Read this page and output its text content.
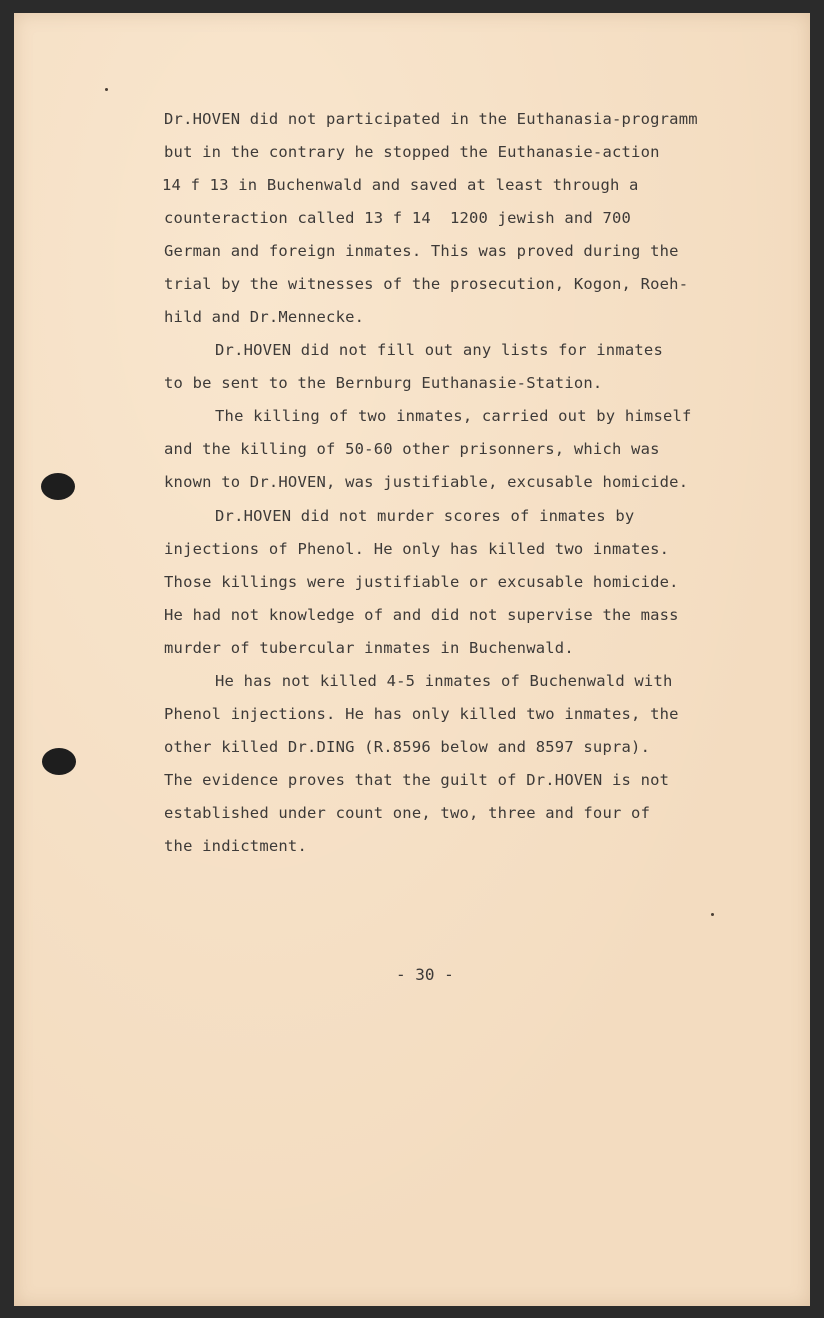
Dr.HOVEN did not participated in the Euthanasia-programm
but in the contrary he stopped the Euthanasie-action
14 f 13 in Buchenwald and saved at least through a
counteraction called 13 f 14  1200 jewish and 700
German and foreign inmates. This was proved during the
trial by the witnesses of the prosecution, Kogon, Roeh-
hild and Dr.Mennecke.
Dr.HOVEN did not fill out any lists for inmates
to be sent to the Bernburg Euthanasie-Station.
The killing of two inmates, carried out by himself
and the killing of 50-60 other prisonners, which was
known to Dr.HOVEN, was justifiable, excusable homicide.
Dr.HOVEN did not murder scores of inmates by
injections of Phenol. He only has killed two inmates.
Those killings were justifiable or excusable homicide.
He had not knowledge of and did not supervise the mass
murder of tubercular inmates in Buchenwald.
He has not killed 4-5 inmates of Buchenwald with
Phenol injections. He has only killed two inmates, the
other killed Dr.DING (R.8596 below and 8597 supra).
The evidence proves that the guilt of Dr.HOVEN is not
established under count one, two, three and four of
the indictment.
- 30 -
